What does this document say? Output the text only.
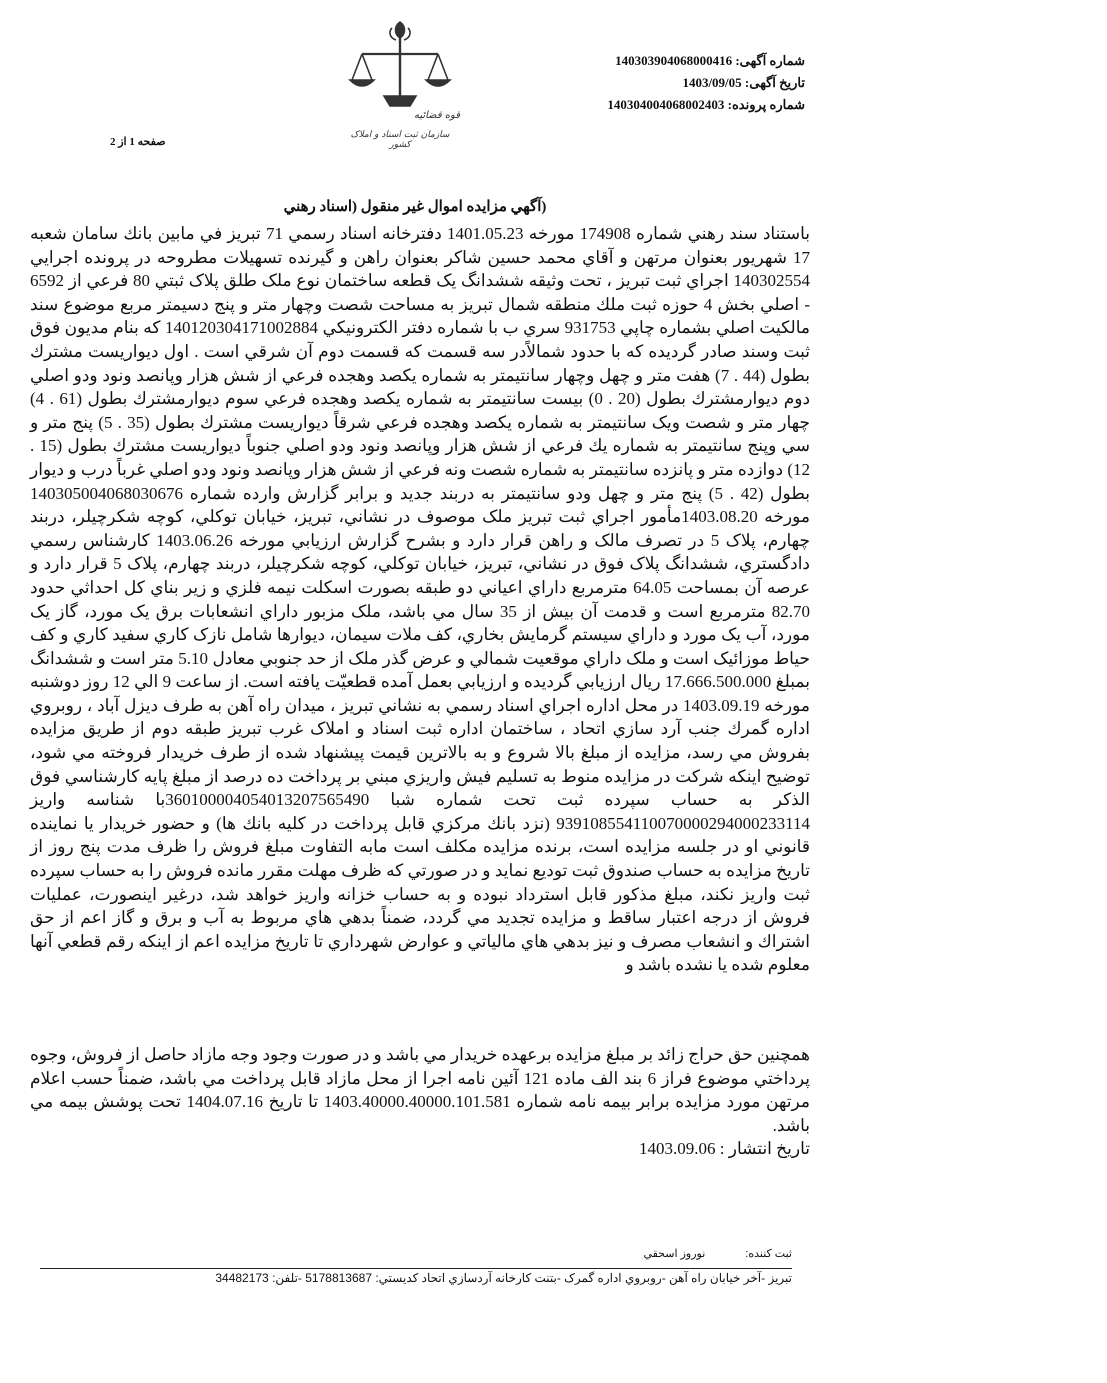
شماره آگهی: 140303904068000416
تاریخ آگهی: 1403/09/05
شماره پرونده: 140304004068002403
قوه قضائیه
سازمان ثبت اسناد و املاک کشور
صفحه 1 از 2
(آگهي مزايده اموال غير منقول (اسناد رهني

باستناد سند رهني شماره 174908 مورخه 1401.05.23 دفترخانه اسناد رسمي 71 تبريز في مابين بانك سامان شعبه 17 شهريور بعنوان مرتهن و آقاي محمد حسين شاكر بعنوان راهن و گيرنده تسهيلات مطروحه در پرونده اجرايي 140302554 اجراي ثبت تبريز ، تحت وثيقه ششدانگ يک قطعه ساختمان نوع ملک طلق پلاک ثبتي 80 فرعي از 6592 - اصلي بخش 4 حوزه ثبت ملك منطقه شمال تبريز به مساحت شصت وچهار متر و پنج دسيمتر مربع موضوع سند مالکيت اصلي بشماره چاپي 931753 سري ب با شماره دفتر الکترونيکي 140120304171002884 که بنام مديون فوق ثبت وسند صادر گرديده که با حدود شمالاًدر سه قسمت که قسمت دوم آن شرقي است . اول ديواريست مشترك بطول (44 . 7) هفت متر و چهل وچهار سانتيمتر به شماره يكصد وهجده فرعي از شش هزار وپانصد ونود ودو اصلي دوم ديوارمشترك بطول (20 . 0) بيست سانتيمتر به شماره يكصد وهجده فرعي سوم ديوارمشترك بطول (61 . 4) چهار متر و شصت ويک سانتيمتر به شماره يكصد وهجده فرعي شرقاً ديواريست مشترك بطول (35 . 5) پنج متر و سي وپنج سانتيمتر به شماره يك فرعي از شش هزار وپانصد ونود ودو اصلي جنوباً ديواريست مشترك بطول (15 . 12) دوازده متر و پانزده سانتيمتر به شماره شصت ونه فرعي از شش هزار وپانصد ونود ودو اصلي غرباً درب و ديوار بطول (42 . 5) پنج متر و چهل ودو سانتيمتر به دربند جديد و برابر گزارش وارده شماره 140305004068030676 مورخه 1403.08.20مأمور اجراي ثبت تبريز ملک موصوف در نشاني، تبريز، خيابان توکلي، کوچه شکرچيلر، دربند چهارم، پلاک 5 در تصرف مالک و راهن قرار دارد و بشرح گزارش ارزيابي مورخه 1403.06.26 کارشناس رسمي دادگستري، ششدانگ پلاک فوق در نشاني، تبريز، خيابان توکلي، کوچه شکرچيلر، دربند چهارم، پلاک 5 قرار دارد و عرصه آن بمساحت 64.05 مترمربع داراي اعياني دو طبقه بصورت اسكلت نيمه فلزي و زير بناي كل احداثي حدود 82.70 مترمربع است و قدمت آن بيش از 35 سال مي باشد، ملک مزبور داراي انشعابات برق يک مورد، گاز يک مورد، آب يک مورد و داراي سيستم گرمايش بخاري، كف ملات سيمان، ديوارها شامل نازک کاري سفيد کاري و کف حياط موزائيک است و ملک داراي موقعيت شمالي و عرض گذر ملک از حد جنوبي معادل 5.10 متر است و ششدانگ بمبلغ 17.666.500.000 ريال ارزيابي گرديده و ارزيابي بعمل آمده قطعيّت يافته است. از ساعت 9 الي 12 روز دوشنبه مورخه 1403.09.19 در محل اداره اجراي اسناد رسمي به نشاني تبريز ، ميدان راه آهن به طرف ديزل آباد ، روبروي اداره گمرك جنب آرد سازي اتحاد ، ساختمان اداره ثبت اسناد و املاک غرب تبريز طبقه دوم از طريق مزايده بفروش مي رسد، مزايده از مبلغ بالا شروع و به بالاترين قيمت پيشنهاد شده از طرف خريدار فروخته مي شود، توضيح اينكه شركت در مزايده منوط به تسليم فيش واريزي مبني بر پرداخت ده درصد از مبلغ پايه كارشناسي فوق الذكر به حساب سپرده ثبت تحت شماره شبا 360100004054013207565490با شناسه واريز 939108554110070000294000233114 (نزد بانك مركزي قابل پرداخت در كليه بانك ها) و حضور خريدار يا نماينده قانوني او در جلسه مزايده است، برنده مزايده مكلف است مابه التفاوت مبلغ فروش را ظرف مدت پنج روز از تاريخ مزايده به حساب صندوق ثبت توديع نمايد و در صورتي كه ظرف مهلت مقرر مانده فروش را به حساب سپرده ثبت واريز نكند، مبلغ مذكور قابل استرداد نبوده و به حساب خزانه واريز خواهد شد، درغير اينصورت، عمليات فروش از درجه اعتبار ساقط و مزايده تجديد مي گردد، ضمناً بدهي هاي مربوط به آب و برق و گاز اعم از حق اشتراك و انشعاب مصرف و نيز بدهي هاي مالياتي و عوارض شهرداري تا تاريخ مزايده اعم از اينكه رقم قطعي آنها معلوم شده يا نشده باشد و

همچنين حق حراج زائد بر مبلغ مزايده برعهده خريدار مي باشد و در صورت وجود وجه مازاد حاصل از فروش، وجوه پرداختي موضوع فراز 6 بند الف ماده 121 آئين نامه اجرا از محل مازاد قابل پرداخت مي باشد، ضمناً حسب اعلام مرتهن مورد مزايده برابر بيمه نامه شماره 1403.40000.40000.101.581 تا تاريخ 1404.07.16 تحت پوشش بيمه مي باشد.

تاريخ انتشار : 1403.09.06

ثبت کننده:
نوروز اسحقي
تبريز -آخر خيابان راه آهن -روبروي اداره گمرک -بتنت كارخانه آردسازي اتحاد كديستي: 5178813687 -تلفن: 34482173
